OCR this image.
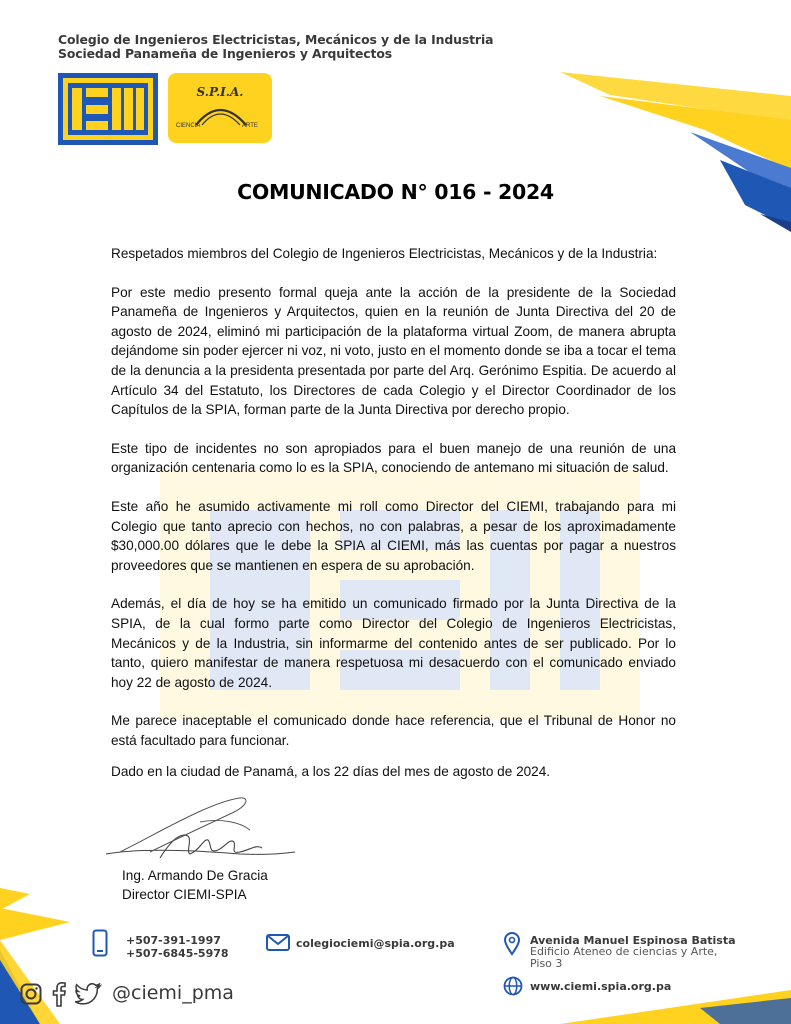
Colegio de Ingenieros Electricistas, Mecánicos y de la Industria
Sociedad Panameña de Ingenieros y Arquitectos
S.P.I.A.
CIENCIA	ARTE
COMUNICADO N° 016 - 2024

Respetados miembros del Colegio de Ingenieros Electricistas, Mecánicos y de la Industria:

Por este medio presento formal queja ante la acción de la presidente de la Sociedad Panameña de Ingenieros y Arquitectos, quien en la reunión de Junta Directiva del 20 de agosto de 2024, eliminó mi participación de la plataforma virtual Zoom, de manera abrupta dejándome sin poder ejercer ni voz, ni voto, justo en el momento donde se iba a tocar el tema de la denuncia a la presidenta presentada por parte del Arq. Gerónimo Espitia. De acuerdo al Artículo 34 del Estatuto, los Directores de cada Colegio y el Director Coordinador de los Capítulos de la SPIA, forman parte de la Junta Directiva por derecho propio.

Este tipo de incidentes no son apropiados para el buen manejo de una reunión de una organización centenaria como lo es la SPIA, conociendo de antemano mi situación de salud.

Este año he asumido activamente mi roll como Director del CIEMI, trabajando para mi Colegio que tanto aprecio con hechos, no con palabras, a pesar de los aproximadamente $30,000.00 dólares que le debe la SPIA al CIEMI, más las cuentas por pagar a nuestros proveedores que se mantienen en espera de su aprobación.

Además, el día de hoy se ha emitido un comunicado firmado por la Junta Directiva de la SPIA, de la cual formo parte como Director del Colegio de Ingenieros Electricistas, Mecánicos y de la Industria, sin informarme del contenido antes de ser publicado. Por lo tanto, quiero manifestar de manera respetuosa mi desacuerdo con el comunicado enviado hoy 22 de agosto de 2024.

Me parece inaceptable el comunicado donde hace referencia, que el Tribunal de Honor no está facultado para funcionar.

Dado en la ciudad de Panamá, a los 22 días del mes de agosto de 2024.

Ing. Armando De Gracia
Director CIEMI-SPIA
+507-391-1997
+507-6845-5978
colegiociemi@spia.org.pa	Avenida Manuel Espinosa Batista
Edificio Ateneo de ciencias y Arte,
Piso 3
@ciemi_pma	www.ciemi.spia.org.pa
